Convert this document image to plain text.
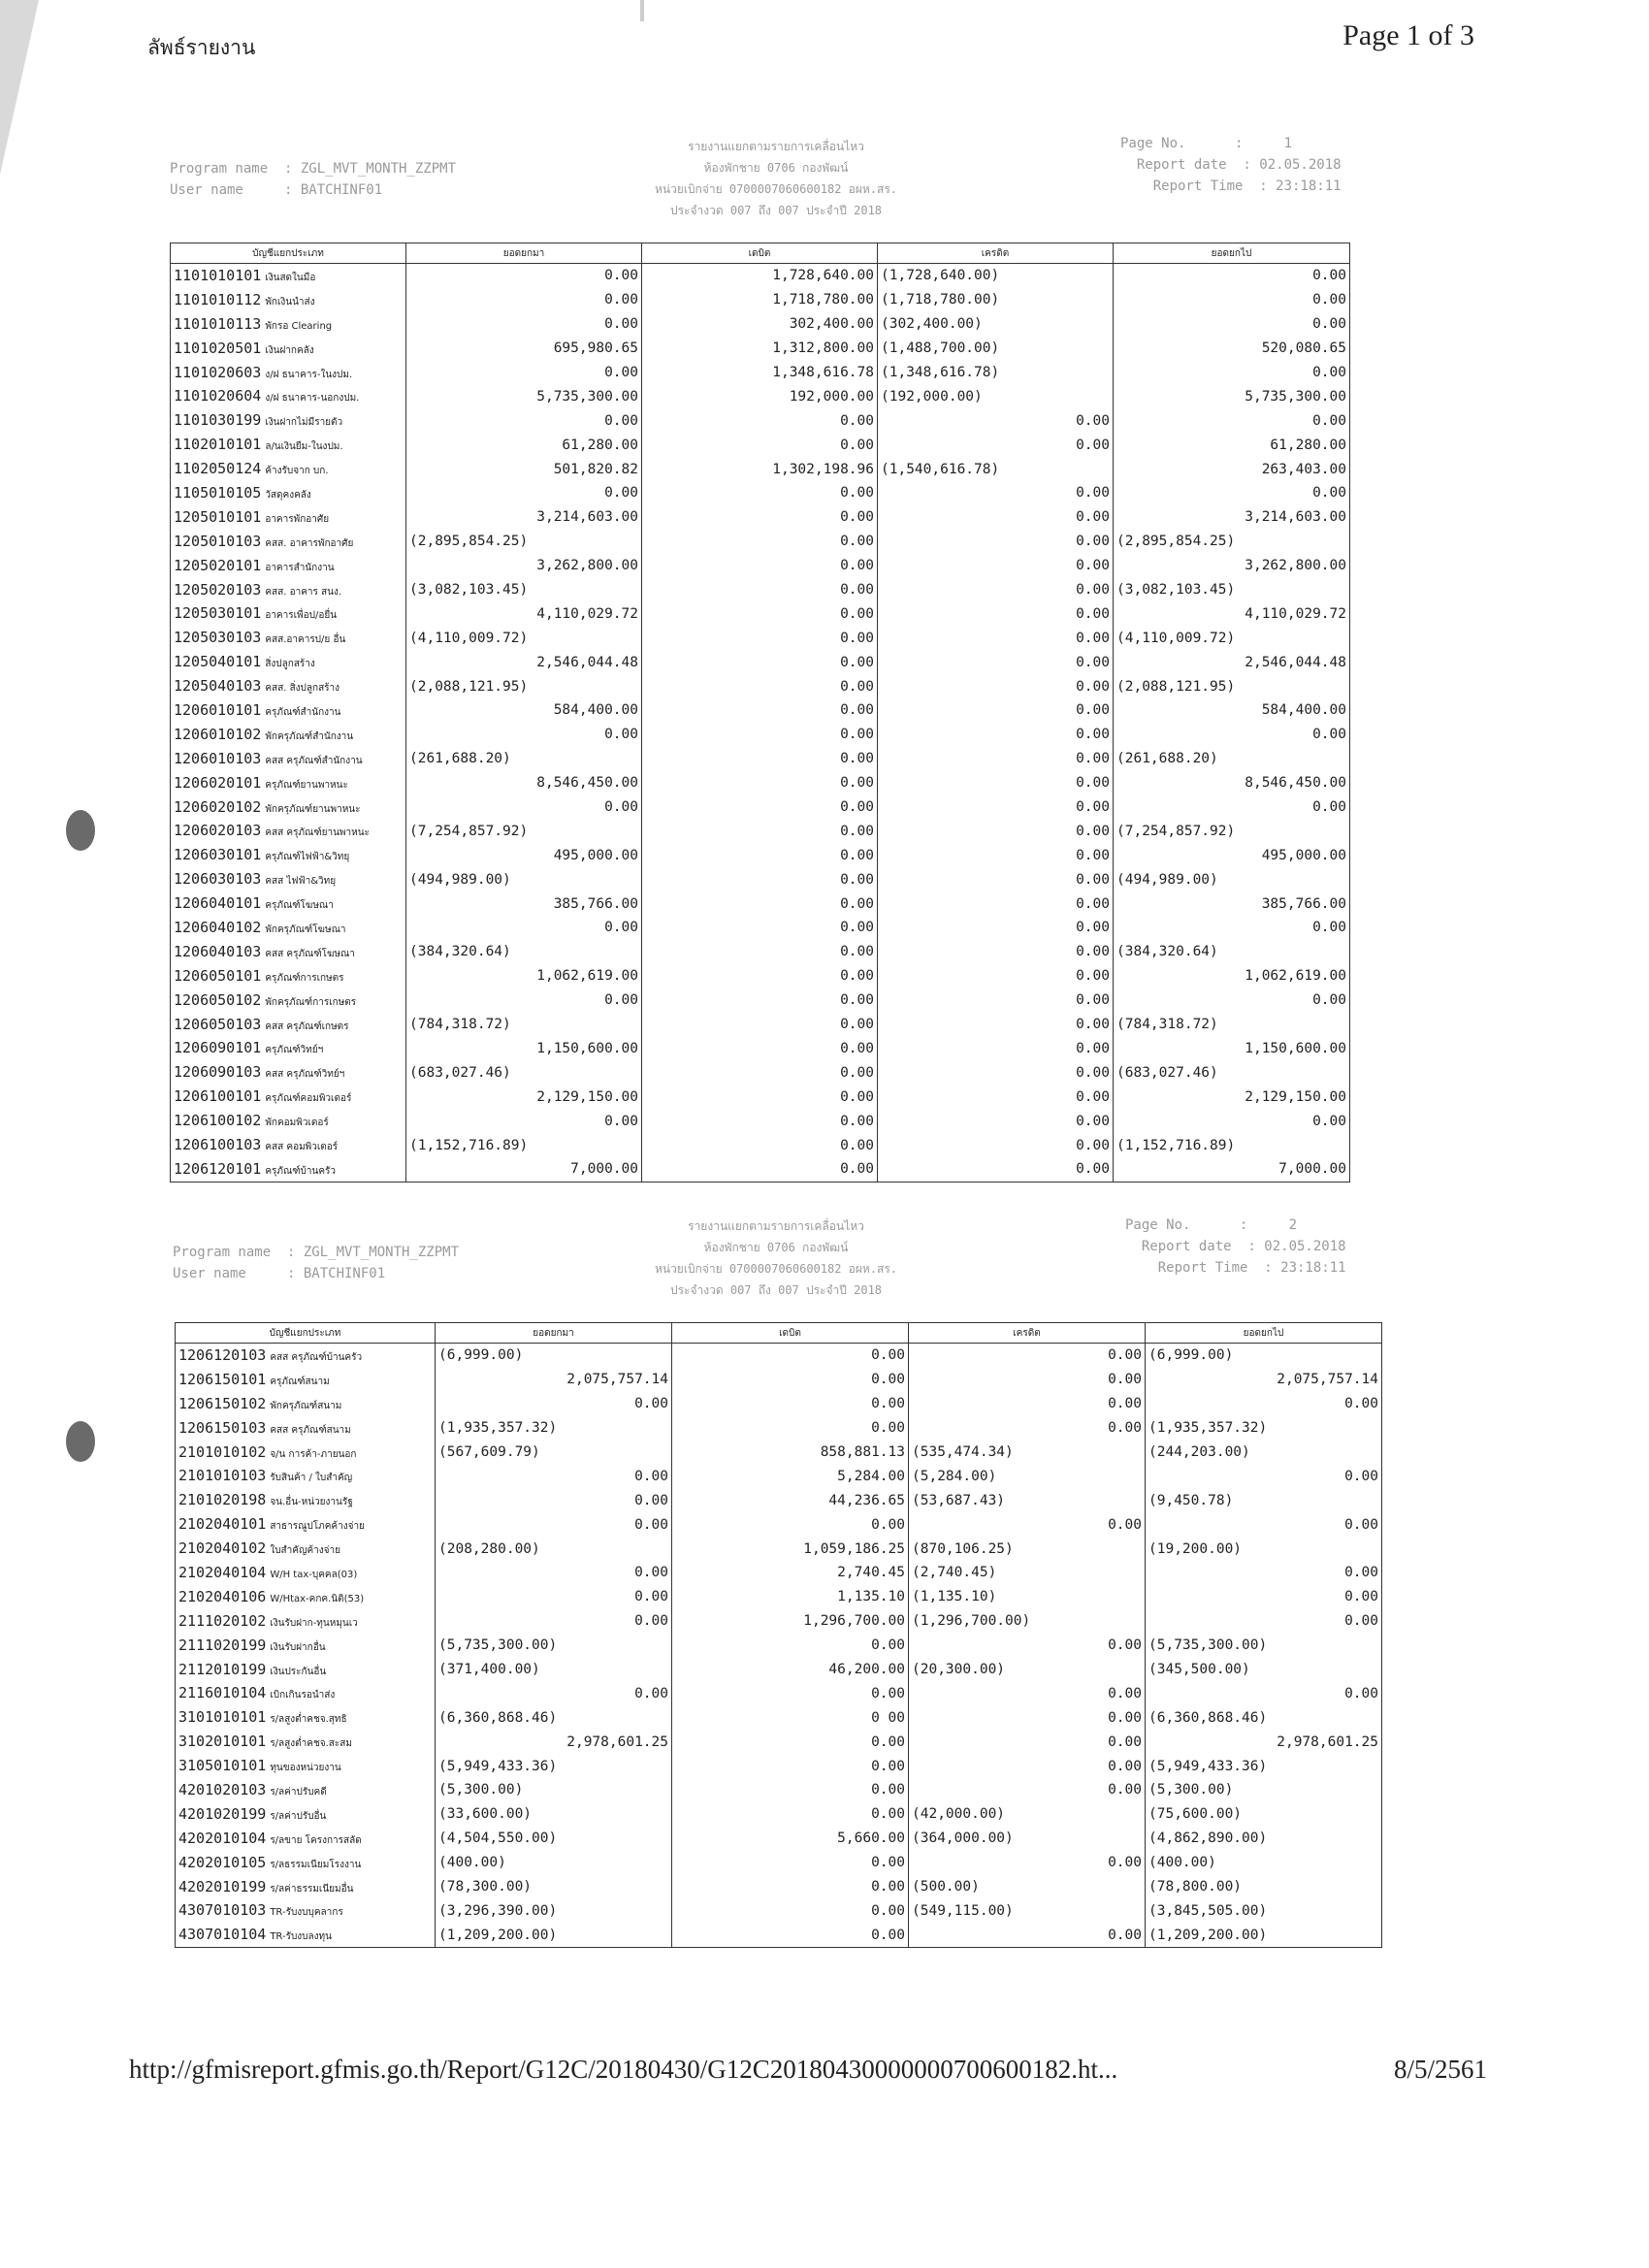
ลัพธ์รายงาน	Page 1 of 3
Program name  : ZGL_MVT_MONTH_ZZPMT
User name     : BATCHINF01
รายงานแยกตามรายการเคลื่อนไหว
ห้องพักชาย 0706 กองพัฒน์
หน่วยเบิกจ่าย 0700007060600182 อผห.สร.
ประจำงวด 007 ถึง 007 ประจำปี 2018
Page No.      :     1
Report date  : 02.05.2018
Report Time  : 23:18:11
บัญชีแยกประเภท	ยอดยกมา	เดบิต	เครดิต	ยอดยกไป
1101010101 เงินสดในมือ	0.00	1,728,640.00	(1,728,640.00)	0.00
1101010112 พักเงินนำส่ง	0.00	1,718,780.00	(1,718,780.00)	0.00
1101010113 พักรอ Clearing	0.00	302,400.00	(302,400.00)	0.00
1101020501 เงินฝากคลัง	695,980.65	1,312,800.00	(1,488,700.00)	520,080.65
1101020603 ง/ฝ ธนาคาร-ในงปม.	0.00	1,348,616.78	(1,348,616.78)	0.00
1101020604 ง/ฝ ธนาคาร-นอกงปม.	5,735,300.00	192,000.00	(192,000.00)	5,735,300.00
1101030199 เงินฝากไม่มีรายตัว	0.00	0.00	0.00	0.00
1102010101 ล/นเงินยืม-ในงปม.	61,280.00	0.00	0.00	61,280.00
1102050124 ค้างรับจาก บก.	501,820.82	1,302,198.96	(1,540,616.78)	263,403.00
1105010105 วัสดุคงคลัง	0.00	0.00	0.00	0.00
1205010101 อาคารพักอาศัย	3,214,603.00	0.00	0.00	3,214,603.00
1205010103 คสส. อาคารพักอาศัย	(2,895,854.25)	0.00	0.00	(2,895,854.25)
1205020101 อาคารสำนักงาน	3,262,800.00	0.00	0.00	3,262,800.00
1205020103 คสส. อาคาร สนง.	(3,082,103.45)	0.00	0.00	(3,082,103.45)
1205030101 อาคารเพื่อป/อยื่น	4,110,029.72	0.00	0.00	4,110,029.72
1205030103 คสส.อาคารป/ย อื่น	(4,110,009.72)	0.00	0.00	(4,110,009.72)
1205040101 สิ่งปลูกสร้าง	2,546,044.48	0.00	0.00	2,546,044.48
1205040103 คสส. สิ่งปลูกสร้าง	(2,088,121.95)	0.00	0.00	(2,088,121.95)
1206010101 ครุภัณฑ์สำนักงาน	584,400.00	0.00	0.00	584,400.00
1206010102 พักครุภัณฑ์สำนักงาน	0.00	0.00	0.00	0.00
1206010103 คสส ครุภัณฑ์สำนักงาน	(261,688.20)	0.00	0.00	(261,688.20)
1206020101 ครุภัณฑ์ยานพาหนะ	8,546,450.00	0.00	0.00	8,546,450.00
1206020102 พักครุภัณฑ์ยานพาหนะ	0.00	0.00	0.00	0.00
1206020103 คสส ครุภัณฑ์ยานพาหนะ	(7,254,857.92)	0.00	0.00	(7,254,857.92)
1206030101 ครุภัณฑ์ไฟฟ้า&วิทยุ	495,000.00	0.00	0.00	495,000.00
1206030103 คสส ไฟฟ้า&วิทยุ	(494,989.00)	0.00	0.00	(494,989.00)
1206040101 ครุภัณฑ์โฆษณา	385,766.00	0.00	0.00	385,766.00
1206040102 พักครุภัณฑ์โฆษณา	0.00	0.00	0.00	0.00
1206040103 คสส ครุภัณฑ์โฆษณา	(384,320.64)	0.00	0.00	(384,320.64)
1206050101 ครุภัณฑ์การเกษตร	1,062,619.00	0.00	0.00	1,062,619.00
1206050102 พักครุภัณฑ์การเกษตร	0.00	0.00	0.00	0.00
1206050103 คสส ครุภัณฑ์เกษตร	(784,318.72)	0.00	0.00	(784,318.72)
1206090101 ครุภัณฑ์วิทย์ฯ	1,150,600.00	0.00	0.00	1,150,600.00
1206090103 คสส ครุภัณฑ์วิทย์ฯ	(683,027.46)	0.00	0.00	(683,027.46)
1206100101 ครุภัณฑ์คอมพิวเตอร์	2,129,150.00	0.00	0.00	2,129,150.00
1206100102 พักคอมพิวเตอร์	0.00	0.00	0.00	0.00
1206100103 คสส คอมพิวเตอร์	(1,152,716.89)	0.00	0.00	(1,152,716.89)
1206120101 ครุภัณฑ์บ้านครัว	7,000.00	0.00	0.00	7,000.00
Program name  : ZGL_MVT_MONTH_ZZPMT
User name     : BATCHINF01
รายงานแยกตามรายการเคลื่อนไหว
ห้องพักชาย 0706 กองพัฒน์
หน่วยเบิกจ่าย 0700007060600182 อผห.สร.
ประจำงวด 007 ถึง 007 ประจำปี 2018
Page No.      :     2
Report date  : 02.05.2018
Report Time  : 23:18:11
บัญชีแยกประเภท	ยอดยกมา	เดบิต	เครดิต	ยอดยกไป
1206120103 คสส ครุภัณฑ์บ้านครัว	(6,999.00)	0.00	0.00	(6,999.00)
1206150101 ครุภัณฑ์สนาม	2,075,757.14	0.00	0.00	2,075,757.14
1206150102 พักครุภัณฑ์สนาม	0.00	0.00	0.00	0.00
1206150103 คสส ครุภัณฑ์สนาม	(1,935,357.32)	0.00	0.00	(1,935,357.32)
2101010102 จ/น การค้า-ภายนอก	(567,609.79)	858,881.13	(535,474.34)	(244,203.00)
2101010103 รับสินค้า / ใบสำคัญ	0.00	5,284.00	(5,284.00)	0.00
2101020198 จน.อื่น-หน่วยงานรัฐ	0.00	44,236.65	(53,687.43)	(9,450.78)
2102040101 สาธารณูปโภคค้างจ่าย	0.00	0.00	0.00	0.00
2102040102 ใบสำคัญค้างจ่าย	(208,280.00)	1,059,186.25	(870,106.25)	(19,200.00)
2102040104 W/H tax-บุคคล(03)	0.00	2,740.45	(2,740.45)	0.00
2102040106 W/Htax-คกค.นิติ(53)	0.00	1,135.10	(1,135.10)	0.00
2111020102 เงินรับฝาก-ทุนหมุนเว	0.00	1,296,700.00	(1,296,700.00)	0.00
2111020199 เงินรับฝากอื่น	(5,735,300.00)	0.00	0.00	(5,735,300.00)
2112010199 เงินประกันอื่น	(371,400.00)	46,200.00	(20,300.00)	(345,500.00)
2116010104 เบิกเกินรอนำส่ง	0.00	0.00	0.00	0.00
3101010101 ร/ลสูงต่ำคชจ.สุทธิ	(6,360,868.46)	0 00	0.00	(6,360,868.46)
3102010101 ร/ลสูงต่ำคชจ.สะสม	2,978,601.25	0.00	0.00	2,978,601.25
3105010101 ทุนของหน่วยงาน	(5,949,433.36)	0.00	0.00	(5,949,433.36)
4201020103 ร/ลค่าปรับคดี	(5,300.00)	0.00	0.00	(5,300.00)
4201020199 ร/ลค่าปรับอื่น	(33,600.00)	0.00	(42,000.00)	(75,600.00)
4202010104 ร/ลขาย โครงการสลัด	(4,504,550.00)	5,660.00	(364,000.00)	(4,862,890.00)
4202010105 ร/ลธรรมเนียมโรงงาน	(400.00)	0.00	0.00	(400.00)
4202010199 ร/ลค่าธรรมเนียมอื่น	(78,300.00)	0.00	(500.00)	(78,800.00)
4307010103 TR-รับงบบุคลากร	(3,296,390.00)	0.00	(549,115.00)	(3,845,505.00)
4307010104 TR-รับงบลงทุน	(1,209,200.00)	0.00	0.00	(1,209,200.00)
http://gfmisreport.gfmis.go.th/Report/G12C/20180430/G12C20180430000000700600182.ht...	8/5/2561
